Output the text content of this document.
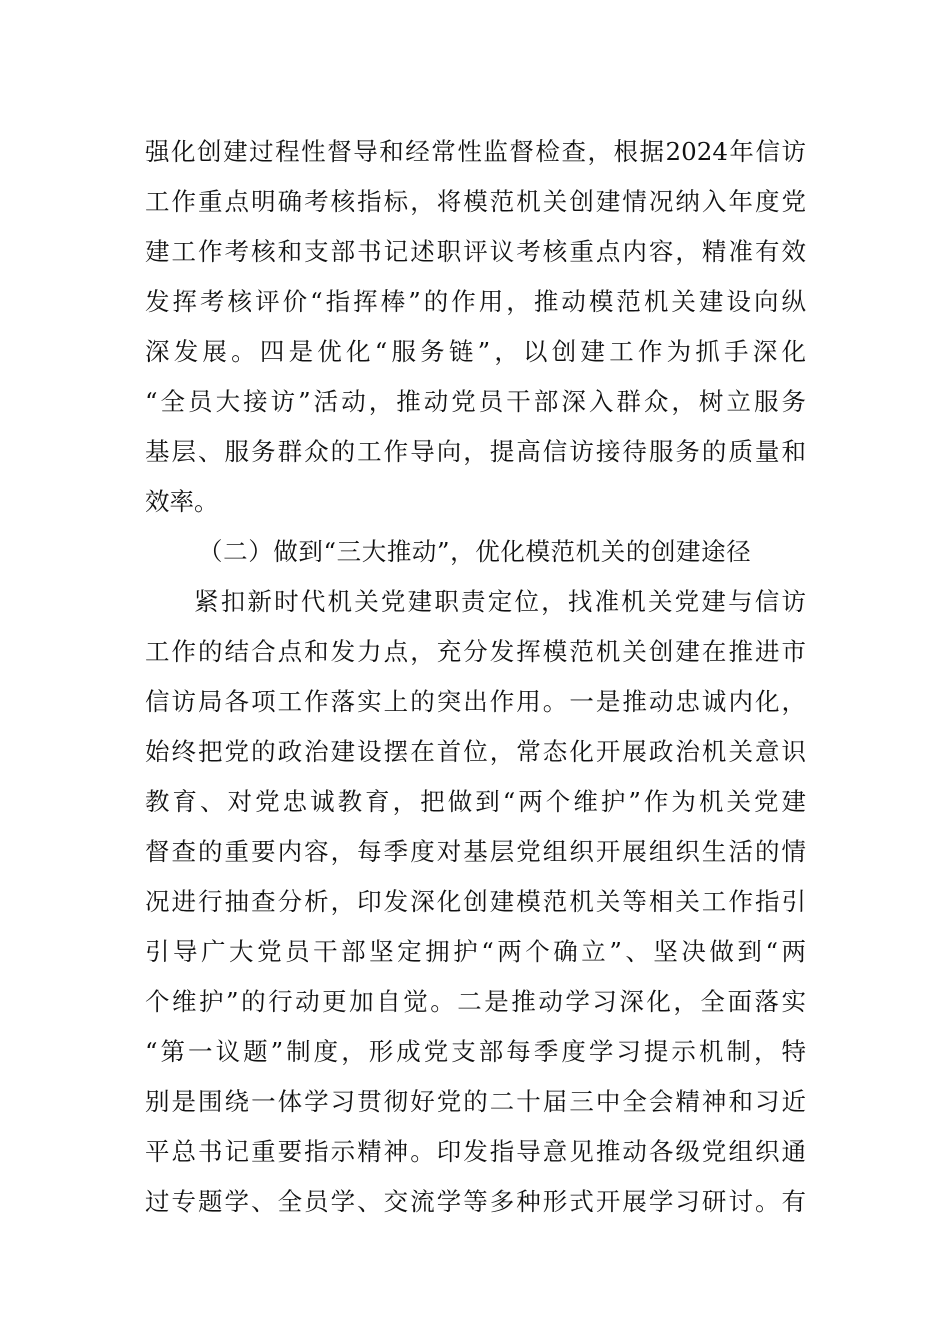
强化创建过程性督导和经常性监督检查，根据2024年信访
工作重点明确考核指标，将模范机关创建情况纳入年度党
建工作考核和支部书记述职评议考核重点内容，精准有效
发挥考核评价“指挥棒”的作用，推动模范机关建设向纵
深发展。四是优化“服务链”，以创建工作为抓手深化
“全员大接访”活动，推动党员干部深入群众，树立服务
基层、服务群众的工作导向，提高信访接待服务的质量和
效率。
（二）做到“三大推动”，优化模范机关的创建途径
紧扣新时代机关党建职责定位，找准机关党建与信访
工作的结合点和发力点，充分发挥模范机关创建在推进市
信访局各项工作落实上的突出作用。一是推动忠诚内化，
始终把党的政治建设摆在首位，常态化开展政治机关意识
教育、对党忠诚教育，把做到“两个维护”作为机关党建
督查的重要内容，每季度对基层党组织开展组织生活的情
况进行抽查分析，印发深化创建模范机关等相关工作指引
引导广大党员干部坚定拥护“两个确立”、坚决做到“两
个维护”的行动更加自觉。二是推动学习深化，全面落实
“第一议题”制度，形成党支部每季度学习提示机制，特
别是围绕一体学习贯彻好党的二十届三中全会精神和习近
平总书记重要指示精神。印发指导意见推动各级党组织通
过专题学、全员学、交流学等多种形式开展学习研讨。有
